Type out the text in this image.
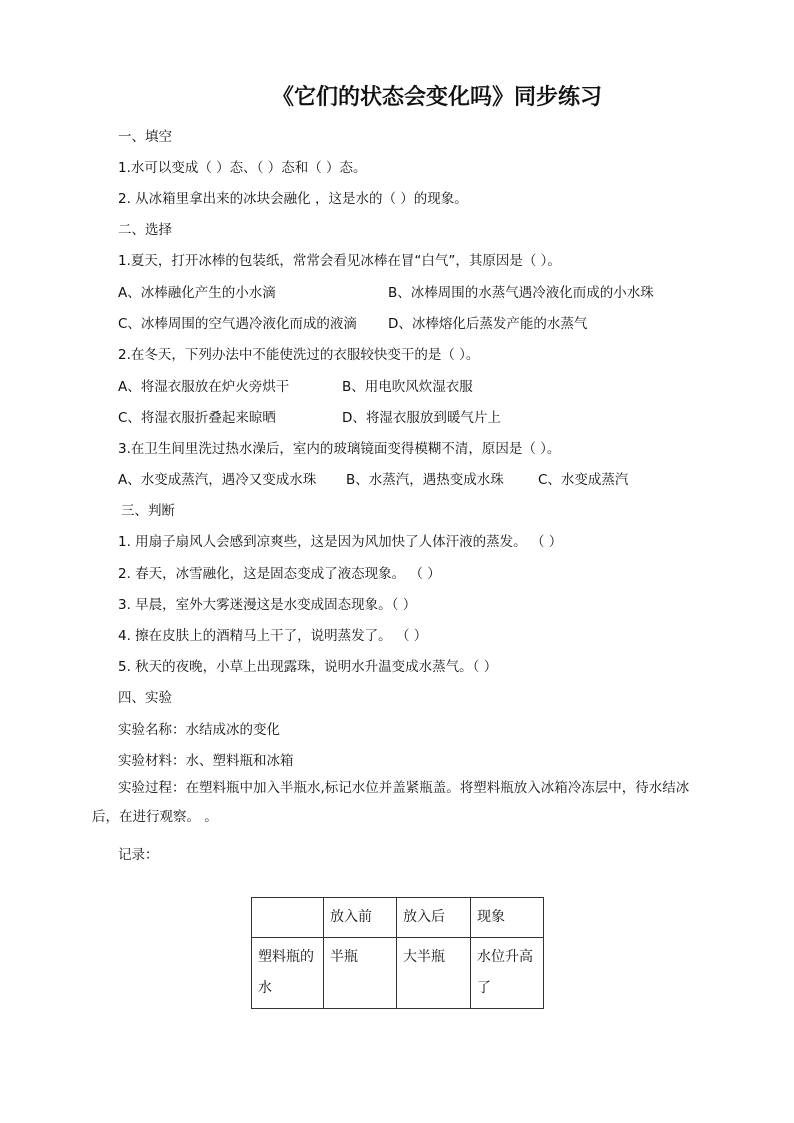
《它们的状态会变化吗》同步练习
一、填空
1.水可以变成（ ）态、（ ）态和（ ）态。
2. 从冰箱里拿出来的冰块会融化 ，这是水的（ ）的现象。
二、选择
1.夏天，打开冰棒的包装纸，常常会看见冰棒在冒“白气”，其原因是（ ）。
A、冰棒融化产生的小水滴	B、冰棒周围的水蒸气遇冷液化而成的小水珠
C、冰棒周围的空气遇冷液化而成的液滴 D、冰棒熔化后蒸发产能的水蒸气
2.在冬天，下列办法中不能使洗过的衣服较快变干的是（ ）。
A、将湿衣服放在炉火旁烘干	B、用电吹风炊湿衣服
C、将湿衣服折叠起来晾晒	D、将湿衣服放到暖气片上
3.在卫生间里洗过热水澡后，室内的玻璃镜面变得模糊不清，原因是（ ）。
A、水变成蒸汽，遇冷又变成水珠 B、水蒸汽，遇热变成水珠	C、水变成蒸汽
三、判断
1. 用扇子扇风人会感到凉爽些，这是因为风加快了人体汗液的蒸发。 （ ）
2. 春天，冰雪融化，这是固态变成了液态现象。 （ ）
3. 早晨，室外大雾迷漫这是水变成固态现象。（ ）
4. 擦在皮肤上的酒精马上干了，说明蒸发了。 （ ）
5. 秋天的夜晚，小草上出现露珠，说明水升温变成水蒸气。（ ）
四、实验
实验名称：水结成冰的变化
实验材料：水、塑料瓶和冰箱
实验过程：在塑料瓶中加入半瓶水,标记水位并盖紧瓶盖。将塑料瓶放入冰箱冷冻层中，待水结冰后，在进行观察。 。
记录：
	放入前	放入后	现象
塑料瓶的水	半瓶	大半瓶	水位升高了
